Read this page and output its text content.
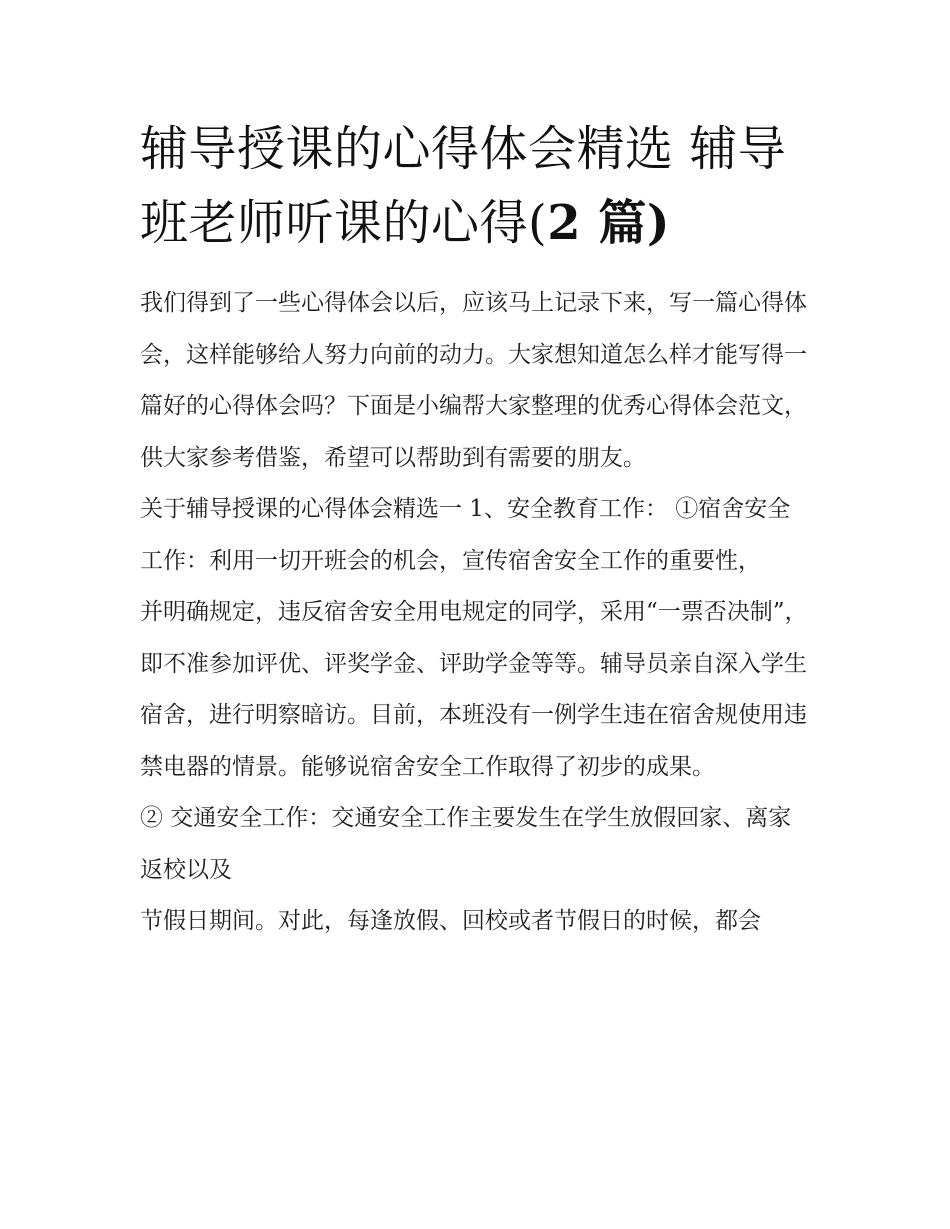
辅导授课的心得体会精选 辅导班老师听课的心得(2 篇)

我们得到了一些心得体会以后，应该马上记录下来，写一篇心得体会，这样能够给人努力向前的动力。大家想知道怎么样才能写得一篇好的心得体会吗？下面是小编帮大家整理的优秀心得体会范文，供大家参考借鉴，希望可以帮助到有需要的朋友。

关于辅导授课的心得体会精选一 1、安全教育工作： ①宿舍安全工作：利用一切开班会的机会，宣传宿舍安全工作的重要性，

并明确规定，违反宿舍安全用电规定的同学，采用“一票否决制”，即不准参加评优、评奖学金、评助学金等等。辅导员亲自深入学生宿舍，进行明察暗访。目前，本班没有一例学生违在宿舍规使用违禁电器的情景。能够说宿舍安全工作取得了初步的成果。

② 交通安全工作：交通安全工作主要发生在学生放假回家、离家返校以及

节假日期间。对此，每逢放假、回校或者节假日的时候，都会
